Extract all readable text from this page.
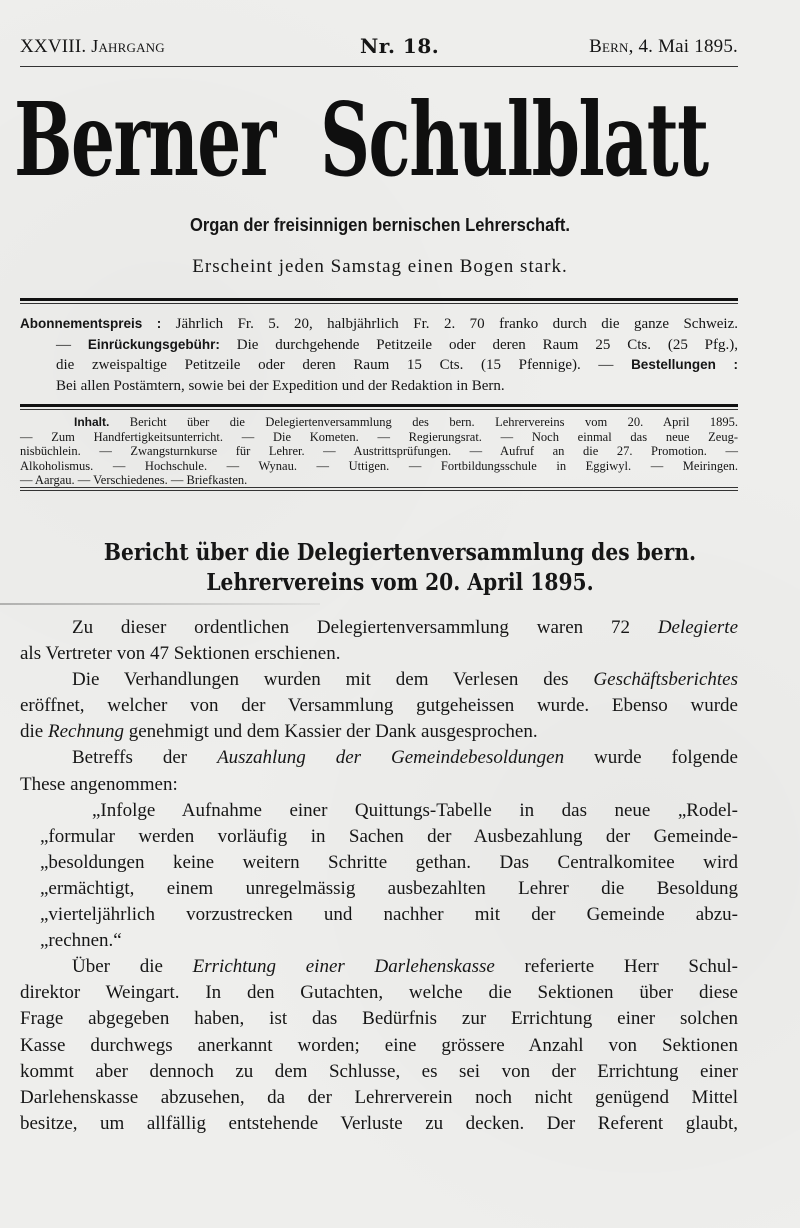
XXVIII. Jahrgang	Nr. 18.	Bern, 4. Mai 1895.
Berner Schulblatt
Organ der freisinnigen bernischen Lehrerschaft.
Erscheint jeden Samstag einen Bogen stark.
Abonnementspreis : Jährlich Fr. 5. 20, halbjährlich Fr. 2. 70 franko durch die ganze Schweiz.
— Einrückungsgebühr: Die durchgehende Petitzeile oder deren Raum 25 Cts. (25 Pfg.),
die zweispaltige Petitzeile oder deren Raum 15 Cts. (15 Pfennige). — Bestellungen :
Bei allen Postämtern, sowie bei der Expedition und der Redaktion in Bern.
Inhalt. Bericht über die Delegiertenversammlung des bern. Lehrervereins vom 20. April 1895.
— Zum Handfertigkeitsunterricht. — Die Kometen. — Regierungsrat. — Noch einmal das neue Zeug-
nisbüchlein. — Zwangsturnkurse für Lehrer. — Austrittsprüfungen. — Aufruf an die 27. Promotion. —
Alkoholismus. — Hochschule. — Wynau. — Uttigen. — Fortbildungsschule in Eggiwyl. — Meiringen.
— Aargau. — Verschiedenes. — Briefkasten.
Bericht über die Delegiertenversammlung des bern.
Lehrervereins vom 20. April 1895.
Zu dieser ordentlichen Delegiertenversammlung waren 72 Delegierte
als Vertreter von 47 Sektionen erschienen.
Die Verhandlungen wurden mit dem Verlesen des Geschäftsberichtes
eröffnet, welcher von der Versammlung gutgeheissen wurde. Ebenso wurde
die Rechnung genehmigt und dem Kassier der Dank ausgesprochen.
Betreffs der Auszahlung der Gemeindebesoldungen wurde folgende
These angenommen:
„Infolge Aufnahme einer Quittungs-Tabelle in das neue „Rodel-
„formular werden vorläufig in Sachen der Ausbezahlung der Gemeinde-
„besoldungen keine weitern Schritte gethan. Das Centralkomitee wird
„ermächtigt, einem unregelmässig ausbezahlten Lehrer die Besoldung
„vierteljährlich vorzustrecken und nachher mit der Gemeinde abzu-
„rechnen.“
Über die Errichtung einer Darlehenskasse referierte Herr Schul-
direktor Weingart. In den Gutachten, welche die Sektionen über diese
Frage abgegeben haben, ist das Bedürfnis zur Errichtung einer solchen
Kasse durchwegs anerkannt worden; eine grössere Anzahl von Sektionen
kommt aber dennoch zu dem Schlusse, es sei von der Errichtung einer
Darlehenskasse abzusehen, da der Lehrerverein noch nicht genügend Mittel
besitze, um allfällig entstehende Verluste zu decken. Der Referent glaubt,
